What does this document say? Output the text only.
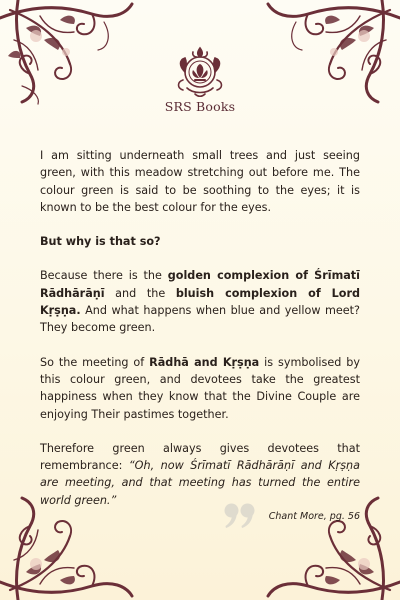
SRS Books

I am sitting underneath small trees and just seeing green, with this meadow stretching out before me. The colour green is said to be soothing to the eyes; it is known to be the best colour for the eyes.

But why is that so?

Because there is the golden complexion of Śrīmatī Rādhārāṇī and the bluish complexion of Lord Kṛṣṇa. And what happens when blue and yellow meet? They become green.

So the meeting of Rādhā and Kṛṣṇa is symbolised by this colour green, and devotees take the greatest happiness when they know that the Divine Couple are enjoying Their pastimes together.

Therefore green always gives devotees that remembrance: “Oh, now Śrīmatī Rādhārāṇī and Kṛṣṇa are meeting, and that meeting has turned the entire world green.”

Chant More, pg. 56
